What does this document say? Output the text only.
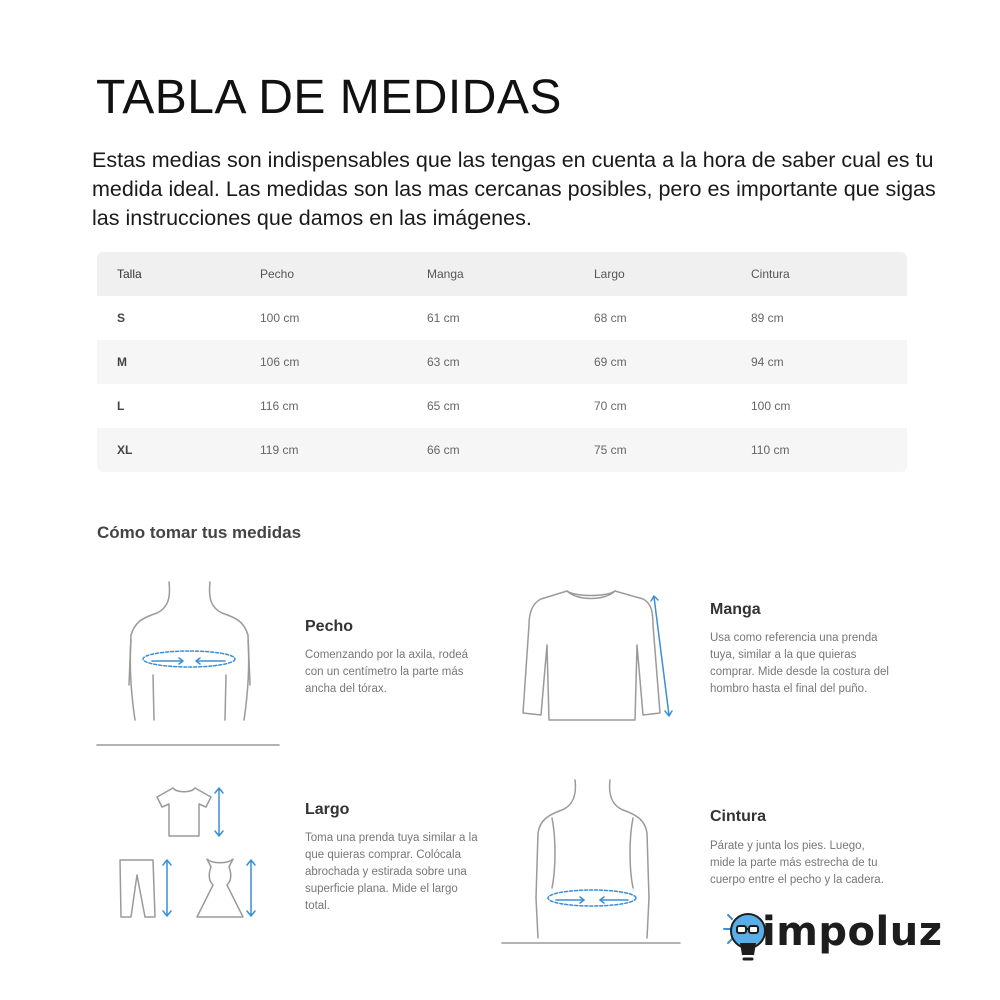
TABLA DE MEDIDAS
Estas medias son indispensables que las tengas en cuenta a la hora de saber cual es tu medida ideal. Las medidas son las mas cercanas posibles, pero es importante que sigas las instrucciones que damos en las imágenes.
Talla	Pecho	Manga	Largo	Cintura
S	100 cm	61 cm	68 cm	89 cm
M	106 cm	63 cm	69 cm	94 cm
L	116 cm	65 cm	70 cm	100 cm
XL	119 cm	66 cm	75 cm	110 cm
Cómo tomar tus medidas
Pecho
Comenzando por la axila, rodeá con un centímetro la parte más ancha del tórax.
Manga
Usa como referencia una prenda tuya, similar a la que quieras comprar. Mide desde la costura del hombro hasta el final del puño.
Largo
Toma una prenda tuya similar a la que quieras comprar. Colócala abrochada y estirada sobre una superficie plana. Mide el largo total.
Cintura
Párate y junta los pies. Luego, mide la parte más estrecha de tu cuerpo entre el pecho y la cadera.
impoluz
